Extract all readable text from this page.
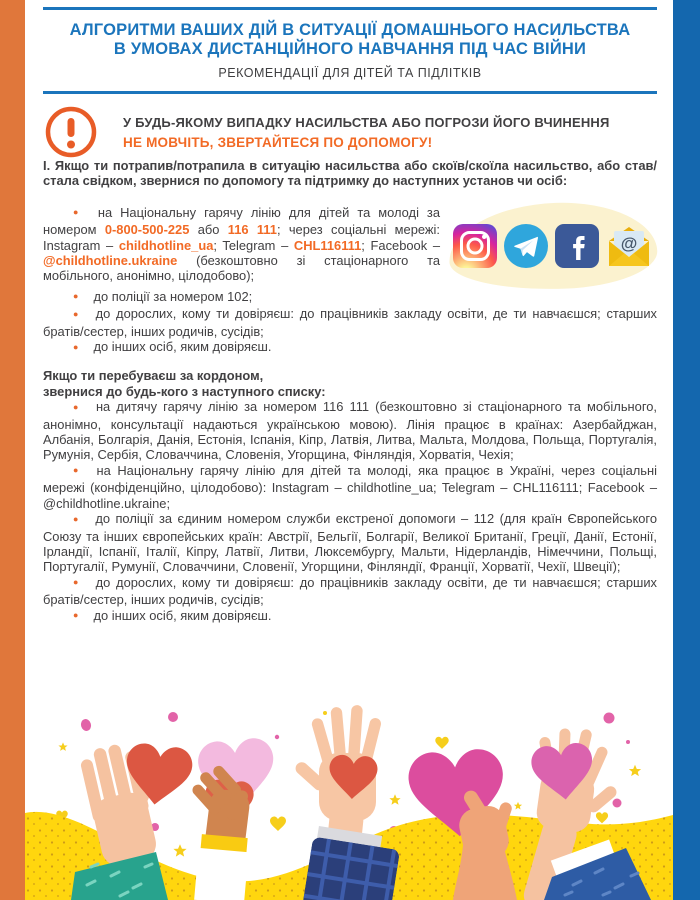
АЛГОРИТМИ ВАШИХ ДІЙ В СИТУАЦІЇ ДОМАШНЬОГО НАСИЛЬСТВА
В УМОВАХ ДИСТАНЦІЙНОГО НАВЧАННЯ ПІД ЧАС ВІЙНИ
РЕКОМЕНДАЦІЇ ДЛЯ ДІТЕЙ ТА ПІДЛІТКІВ
У БУДЬ-ЯКОМУ ВИПАДКУ НАСИЛЬСТВА АБО ПОГРОЗИ ЙОГО ВЧИНЕННЯ
НЕ МОВЧІТЬ, ЗВЕРТАЙТЕСЯ ПО ДОПОМОГУ!

І. Якщо ти потрапив/потрапила в ситуацію насильства або скоїв/скоїла насильство, або став/стала свідком, звернися по допомогу та підтримку до наступних установ чи осіб:

● на Національну гарячу лінію для дітей та молоді за номером 0-800-500-225 або 116 111; через соціальні мережі: Instagram – childhotline_ua; Telegram – CHL116111; Facebook – @childhotline.ukraine (безкоштовно зі стаціонарного та мобільного, анонімно, цілодобово);

@

● до поліції за номером 102;

● до дорослих, кому ти довіряєш: до працівників закладу освіти, де ти навчаєшся; старших братів/сестер, інших родичів, сусідів;

● до інших осіб, яким довіряєш.

Якщо ти перебуваєш за кордоном,

звернися до будь-кого з наступного списку:

● на дитячу гарячу лінію за номером 116 111 (безкоштовно зі стаціонарного та мобільного, анонімно, консультації надаються українською мовою). Лінія працює в країнах: Азербайджан, Албанія, Болгарія, Данія, Естонія, Іспанія, Кіпр, Латвія, Литва, Мальта, Молдова, Польща, Португалія, Румунія, Сербія, Словаччина, Словенія, Угорщина, Фінляндія, Хорватія, Чехія;

● на Національну гарячу лінію для дітей та молоді, яка працює в Україні, через соціальні мережі (конфіденційно, цілодобово): Instagram – childhotline_ua; Telegram – CHL116111; Facebook – @childhotline.ukraine;

● до поліції за єдиним номером служби екстреної допомоги – 112 (для країн Європейського Союзу та інших європейських країн: Австрії, Бельгії, Болгарії, Великої Британії, Греції, Данії, Естонії, Ірландії, Іспанії, Італії, Кіпру, Латвії, Литви, Люксембургу, Мальти, Нідерландів, Німеччини, Польщі, Португалії, Румунії, Словаччини, Словенії, Угорщини, Фінляндії, Франції, Хорватії, Чехії, Швеції);

● до дорослих, кому ти довіряєш: до працівників закладу освіти, де ти навчаєшся; старших братів/сестер, інших родичів, сусідів;

● до інших осіб, яким довіряєш.
